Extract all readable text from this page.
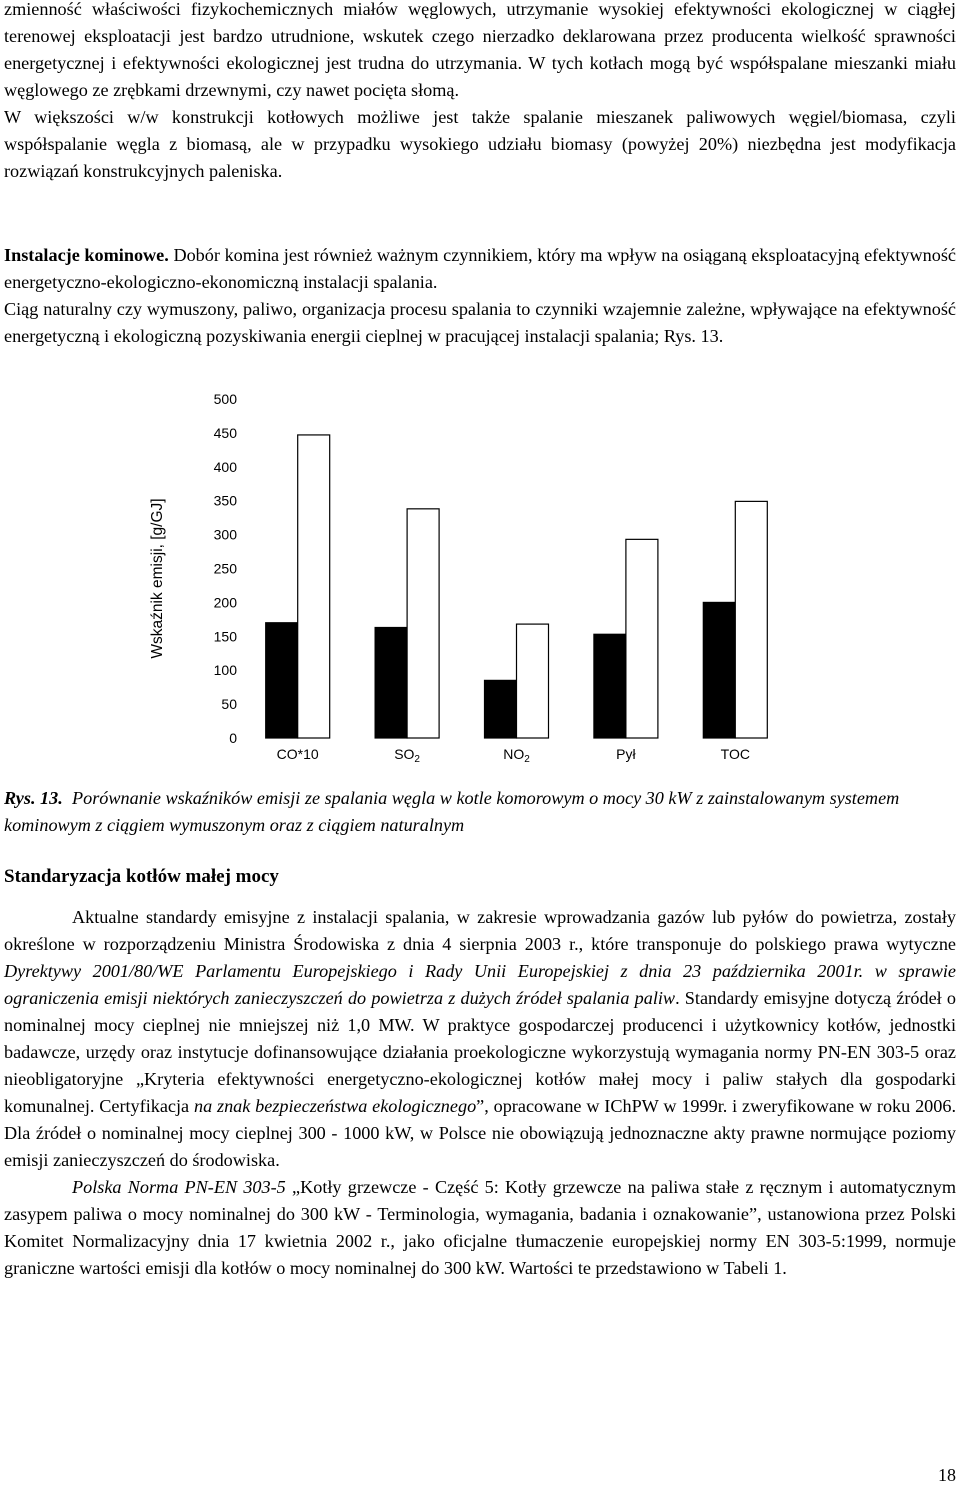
zmienność właściwości fizykochemicznych miałów węglowych, utrzymanie wysokiej efektywności ekologicznej w ciągłej terenowej eksploatacji jest bardzo utrudnione, wskutek czego nierzadko deklarowana przez producenta wielkość sprawności energetycznej i efektywności ekologicznej jest trudna do utrzymania. W tych kotłach mogą być współspalane mieszanki miału węglowego ze zrębkami drzewnymi, czy nawet pocięta słomą.

W większości w/w konstrukcji kotłowych możliwe jest także spalanie mieszanek paliwowych węgiel/biomasa, czyli współspalanie węgla z biomasą, ale w przypadku wysokiego udziału biomasy (powyżej 20%) niezbędna jest modyfikacja rozwiązań konstrukcyjnych paleniska.

Instalacje kominowe. Dobór komina jest również ważnym czynnikiem, który ma wpływ na osiąganą eksploatacyjną efektywność energetyczno-ekologiczno-ekonomiczną instalacji spalania.

Ciąg naturalny czy wymuszony, paliwo, organizacja procesu spalania to czynniki wzajemnie zależne, wpływające na efektywność energetyczną i ekologiczną pozyskiwania energii cieplnej w pracującej instalacji spalania; Rys. 13.

0
50
100
150
200
250
300
350
400
450
500
Wskaźnik emisji, [g/GJ]
CO*10	$SO_2$	$NO_2$	Pył	TOC
Rys. 13. Porównanie wskaźników emisji ze spalania węgla w kotle komorowym o mocy 30 kW z zainstalowanym systemem kominowym z ciągiem wymuszonym oraz z ciągiem naturalnym
Standaryzacja kotłów małej mocy

Aktualne standardy emisyjne z instalacji spalania, w zakresie wprowadzania gazów lub pyłów do powietrza, zostały określone w rozporządzeniu Ministra Środowiska z dnia 4 sierpnia 2003 r., które transponuje do polskiego prawa wytyczne Dyrektywy 2001/80/WE Parlamentu Europejskiego i Rady Unii Europejskiej z dnia 23 października 2001r. w sprawie ograniczenia emisji niektórych zanieczyszczeń do powietrza z dużych źródeł spalania paliw. Standardy emisyjne dotyczą źródeł o nominalnej mocy cieplnej nie mniejszej niż 1,0 MW. W praktyce gospodarczej producenci i użytkownicy kotłów, jednostki badawcze, urzędy oraz instytucje dofinansowujące działania proekologiczne wykorzystują wymagania normy PN-EN 303-5 oraz nieobligatoryjne „Kryteria efektywności energetyczno-ekologicznej kotłów małej mocy i paliw stałych dla gospodarki komunalnej. Certyfikacja na znak bezpieczeństwa ekologicznego”, opracowane w IChPW w 1999r. i zweryfikowane w roku 2006. Dla źródeł o nominalnej mocy cieplnej 300 - 1000 kW, w Polsce nie obowiązują jednoznaczne akty prawne normujące poziomy emisji zanieczyszczeń do środowiska.

Polska Norma PN-EN 303-5 „Kotły grzewcze - Część 5: Kotły grzewcze na paliwa stałe z ręcznym i automatycznym zasypem paliwa o mocy nominalnej do 300 kW - Terminologia, wymagania, badania i oznakowanie”, ustanowiona przez Polski Komitet Normalizacyjny dnia 17 kwietnia 2002 r., jako oficjalne tłumaczenie europejskiej normy EN 303-5:1999, normuje graniczne wartości emisji dla kotłów o mocy nominalnej do 300 kW. Wartości te przedstawiono w Tabeli 1.

18
